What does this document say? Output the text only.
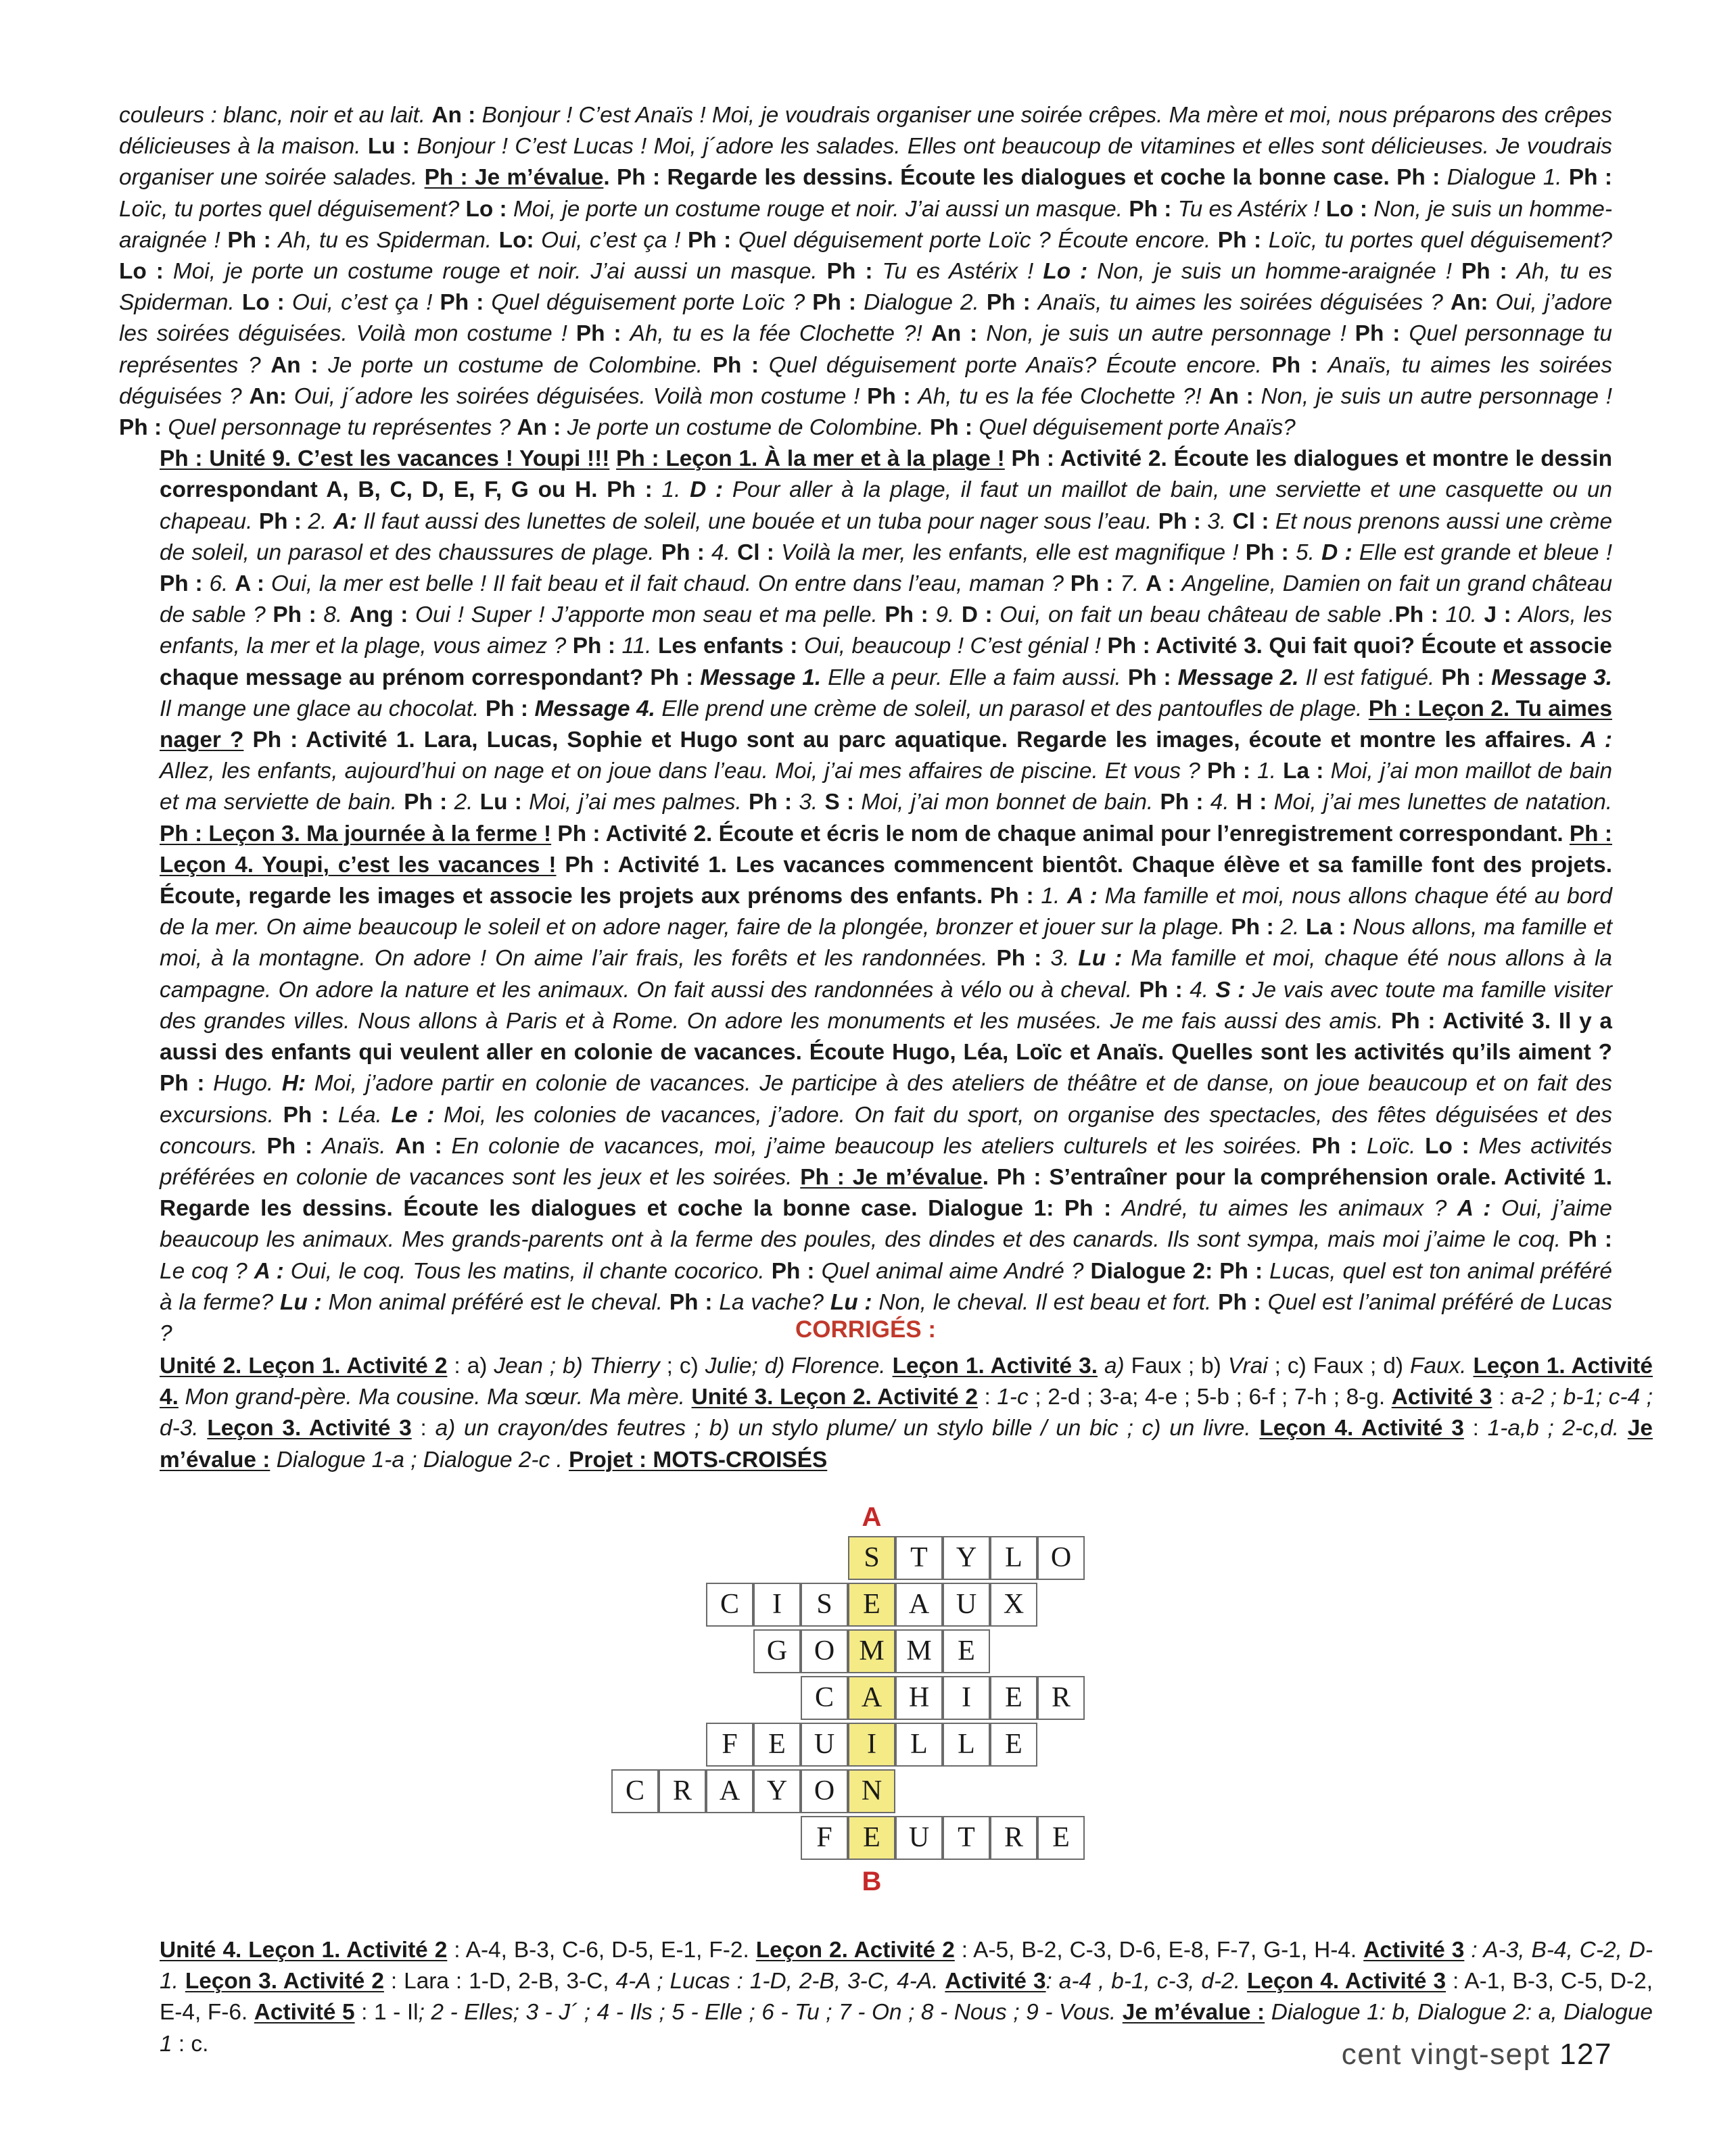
couleurs : blanc, noir et au lait. An : Bonjour ! C’est Anaïs ! Moi, je voudrais organiser une soirée crêpes. Ma mère et moi, nous préparons des crêpes délicieuses à la maison. Lu : Bonjour ! C’est Lucas ! Moi, j´adore les salades. Elles ont beaucoup de vitamines et elles sont délicieuses. Je voudrais organiser une soirée salades. Ph : Je m’évalue. Ph : Regarde les dessins. Écoute les dialogues et coche la bonne case. Ph : Dialogue 1. Ph : Loïc, tu portes quel déguisement? Lo : Moi, je porte un costume rouge et noir. J’ai aussi un masque. Ph : Tu es Astérix ! Lo : Non, je suis un homme-araignée ! Ph : Ah, tu es Spiderman. Lo: Oui, c’est ça ! Ph : Quel déguisement porte Loïc ? Écoute encore. Ph : Loïc, tu portes quel déguisement? Lo : Moi, je porte un costume rouge et noir. J’ai aussi un masque. Ph : Tu es Astérix ! Lo : Non, je suis un homme-araignée ! Ph : Ah, tu es Spiderman. Lo : Oui, c’est ça ! Ph : Quel déguisement porte Loïc ? Ph : Dialogue 2. Ph : Anaïs, tu aimes les soirées déguisées ? An: Oui, j’adore les soirées déguisées. Voilà mon costume ! Ph : Ah, tu es la fée Clochette ?! An : Non, je suis un autre personnage ! Ph : Quel personnage tu représentes ? An : Je porte un costume de Colombine. Ph : Quel déguisement porte Anaïs? Écoute encore. Ph : Anaïs, tu aimes les soirées déguisées ? An: Oui, j´adore les soirées déguisées. Voilà mon costume ! Ph : Ah, tu es la fée Clochette ?! An : Non, je suis un autre personnage ! Ph : Quel personnage tu représentes ? An : Je porte un costume de Colombine. Ph : Quel déguisement porte Anaïs?
Ph : Unité 9. C’est les vacances ! Youpi !!! Ph : Leçon 1. À la mer et à la plage ! Ph : Activité 2. Écoute les dialogues et montre le dessin correspondant A, B, C, D, E, F, G ou H. Ph : 1. D : Pour aller à la plage, il faut un maillot de bain, une serviette et une casquette ou un chapeau. Ph : 2. A: Il faut aussi des lunettes de soleil, une bouée et un tuba pour nager sous l’eau. Ph : 3. Cl : Et nous prenons aussi une crème de soleil, un parasol et des chaussures de plage. Ph : 4. Cl : Voilà la mer, les enfants, elle est magnifique ! Ph : 5. D : Elle est grande et bleue ! Ph : 6. A : Oui, la mer est belle ! Il fait beau et il fait chaud. On entre dans l’eau, maman ? Ph : 7. A : Angeline, Damien on fait un grand château de sable ? Ph : 8. Ang : Oui ! Super ! J’apporte mon seau et ma pelle. Ph : 9. D : Oui, on fait un beau château de sable .Ph : 10. J : Alors, les enfants, la mer et la plage, vous aimez ? Ph : 11. Les enfants : Oui, beaucoup ! C’est génial ! Ph : Activité 3. Qui fait quoi? Écoute et associe chaque message au prénom correspondant? Ph : Message 1. Elle a peur. Elle a faim aussi. Ph : Message 2. Il est fatigué. Ph : Message 3. Il mange une glace au chocolat. Ph : Message 4. Elle prend une crème de soleil, un parasol et des pantoufles de plage. Ph : Leçon 2. Tu aimes nager ? Ph : Activité 1. Lara, Lucas, Sophie et Hugo sont au parc aquatique. Regarde les images, écoute et montre les affaires. A : Allez, les enfants, aujourd’hui on nage et on joue dans l’eau. Moi, j’ai mes affaires de piscine. Et vous ? Ph : 1. La : Moi, j’ai mon maillot de bain et ma serviette de bain. Ph : 2. Lu : Moi, j’ai mes palmes. Ph : 3. S : Moi, j’ai mon bonnet de bain. Ph : 4. H : Moi, j’ai mes lunettes de natation. Ph : Leçon 3. Ma journée à la ferme ! Ph : Activité 2. Écoute et écris le nom de chaque animal pour l’enregistrement correspondant. Ph : Leçon 4. Youpi, c’est les vacances ! Ph : Activité 1. Les vacances commencent bientôt. Chaque élève et sa famille font des projets. Écoute, regarde les images et associe les projets aux prénoms des enfants. Ph : 1. A : Ma famille et moi, nous allons chaque été au bord de la mer. On aime beaucoup le soleil et on adore nager, faire de la plongée, bronzer et jouer sur la plage. Ph : 2. La : Nous allons, ma famille et moi, à la montagne. On adore ! On aime l’air frais, les forêts et les randonnées. Ph : 3. Lu : Ma famille et moi, chaque été nous allons à la campagne. On adore la nature et les animaux. On fait aussi des randonnées à vélo ou à cheval. Ph : 4. S : Je vais avec toute ma famille visiter des grandes villes. Nous allons à Paris et à Rome. On adore les monuments et les musées. Je me fais aussi des amis. Ph : Activité 3. Il y a aussi des enfants qui veulent aller en colonie de vacances. Écoute Hugo, Léa, Loïc et Anaïs. Quelles sont les activités qu’ils aiment ? Ph : Hugo. H: Moi, j’adore partir en colonie de vacances. Je participe à des ateliers de théâtre et de danse, on joue beaucoup et on fait des excursions. Ph : Léa. Le : Moi, les colonies de vacances, j’adore. On fait du sport, on organise des spectacles, des fêtes déguisées et des concours. Ph : Anaïs. An : En colonie de vacances, moi, j’aime beaucoup les ateliers culturels et les soirées. Ph : Loïc. Lo : Mes activités préférées en colonie de vacances sont les jeux et les soirées. Ph : Je m’évalue. Ph : S’entraîner pour la compréhension orale. Activité 1. Regarde les dessins. Écoute les dialogues et coche la bonne case. Dialogue 1: Ph : André, tu aimes les animaux ? A : Oui, j’aime beaucoup les animaux. Mes grands-parents ont à la ferme des poules, des dindes et des canards. Ils sont sympa, mais moi j’aime le coq. Ph : Le coq ? A : Oui, le coq. Tous les matins, il chante cocorico. Ph : Quel animal aime André ? Dialogue 2: Ph : Lucas, quel est ton animal préféré à la ferme? Lu : Mon animal préféré est le cheval. Ph : La vache? Lu : Non, le cheval. Il est beau et fort. Ph : Quel est l’animal préféré de Lucas ?	CORRIGÉS :

Unité 2. Leçon 1. Activité 2 : a) Jean ; b) Thierry ; c) Julie; d) Florence. Leçon 1. Activité 3. a) Faux ; b) Vrai ; c) Faux ; d) Faux. Leçon 1. Activité 4. Mon grand-père. Ma cousine. Ma sœur. Ma mère. Unité 3. Leçon 2. Activité 2 : 1-c ; 2-d ; 3-a; 4-e ; 5-b ; 6-f ; 7-h ; 8-g. Activité 3 : a-2 ; b-1; c-4 ; d-3. Leçon 3. Activité 3 : a) un crayon/des feutres ; b) un stylo plume/ un stylo bille / un bic ; c) un livre. Leçon 4. Activité 3 : 1-a,b ; 2-c,d. Je m’évalue : Dialogue 1-a ; Dialogue 2-c . Projet : MOTS-CROISÉS

S	T	Y	L	O
C	I	S	E	A U X
G O M M E
C A H	I	E	R
F	E	U	I	L	L	E
C R A Y O N
F	E	U	T	R	E
A
B

Unité 4. Leçon 1. Activité 2 : A-4, B-3, C-6, D-5, E-1, F-2. Leçon 2. Activité 2 : A-5, B-2, C-3, D-6, E-8, F-7, G-1, H-4. Activité 3 : A-3, B-4, C-2, D-1. Leçon 3. Activité 2 : Lara : 1-D, 2-B, 3-C, 4-A ; Lucas : 1-D, 2-B, 3-C, 4-A. Activité 3: a-4 , b-1, c-3, d-2. Leçon 4. Activité 3 : A-1, B-3, C-5, D-2, E-4, F-6. Activité 5 : 1 - Il; 2 - Elles; 3 - J´ ; 4 - Ils ; 5 - Elle ; 6 - Tu ; 7 - On ; 8 - Nous ; 9 - Vous. Je m’évalue : Dialogue 1: b, Dialogue 2: a, Dialogue 1 : c.	cent vingt-sept 127
